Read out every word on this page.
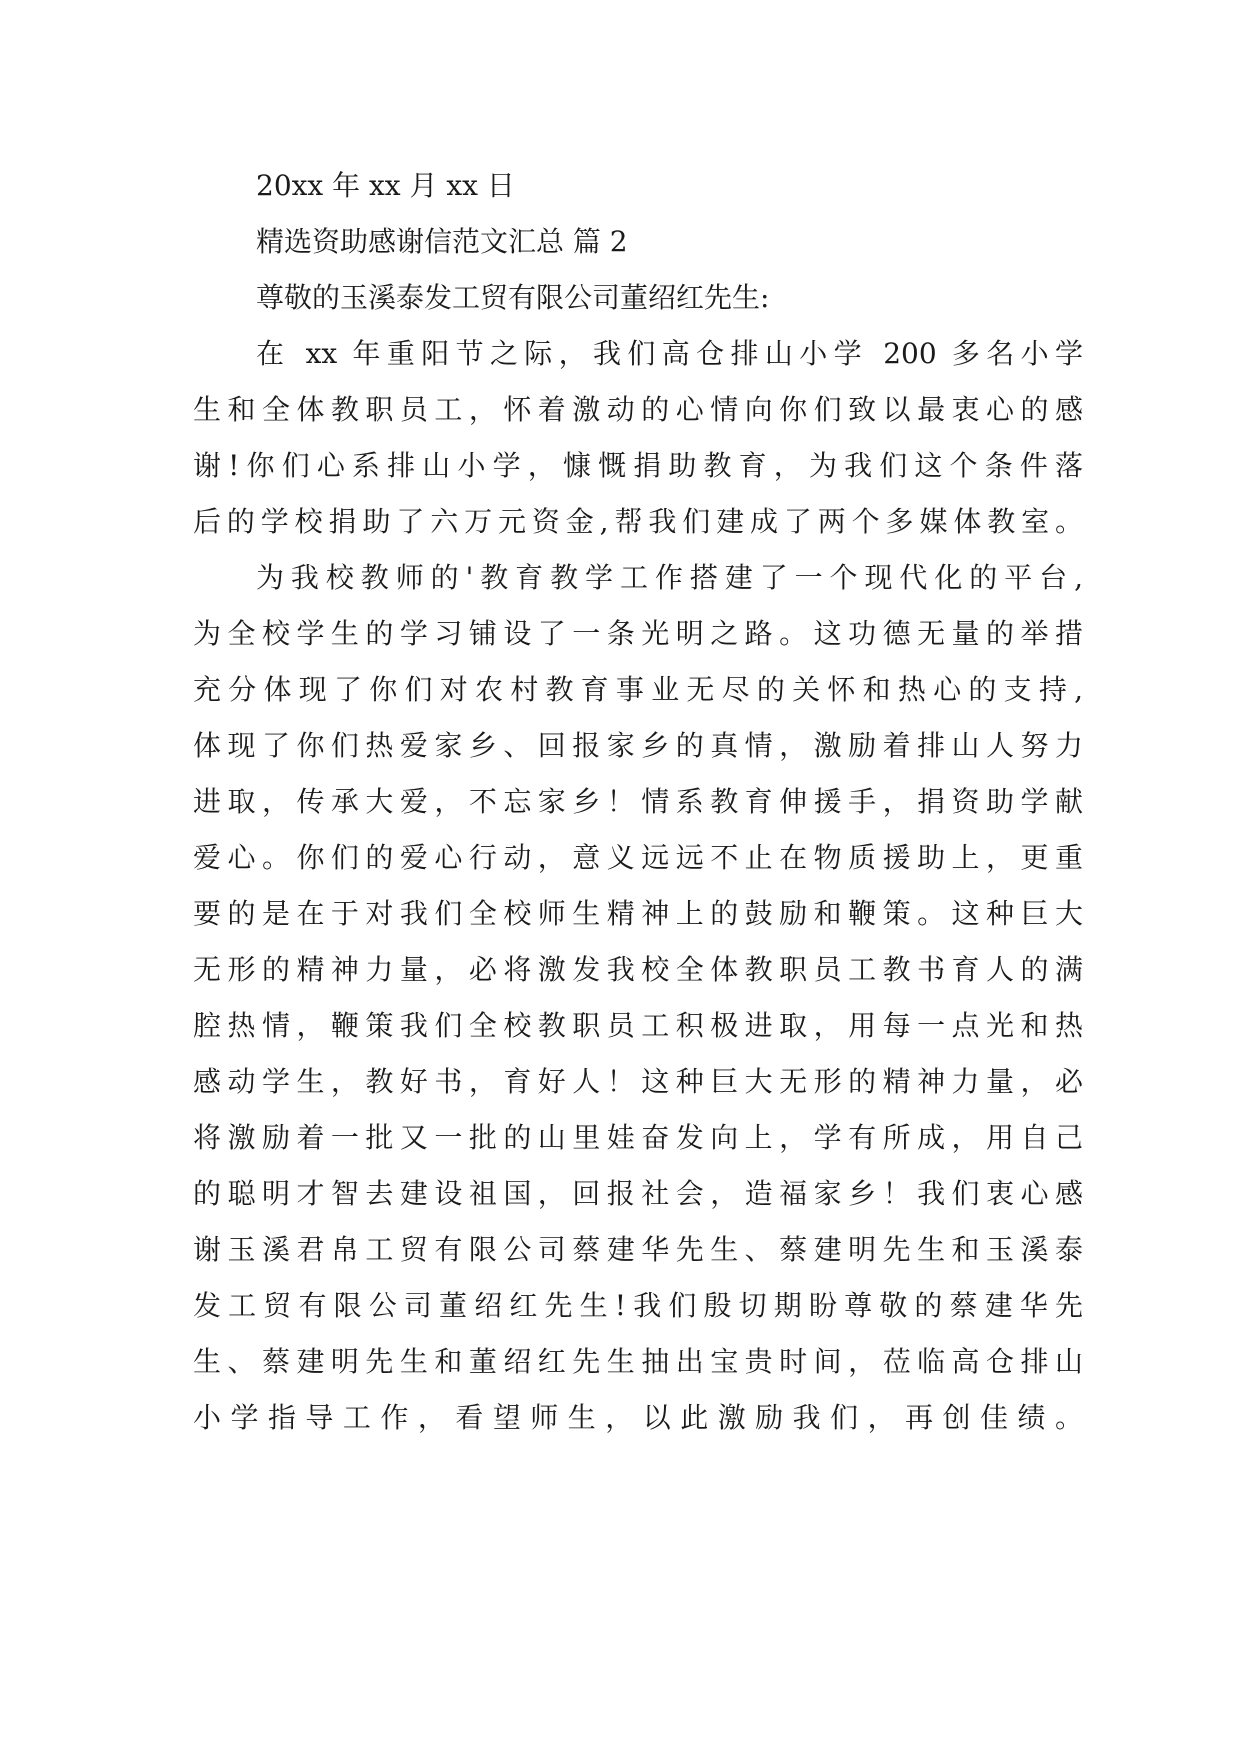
20xx 年 xx 月 xx 日
精选资助感谢信范文汇总 篇 2
尊敬的玉溪泰发工贸有限公司董绍红先生:
在 xx 年重阳节之际，我们高仓排山小学 200 多名小学
生和全体教职员工，怀着激动的心情向你们致以最衷心的感
谢!你们心系排山小学，慷慨捐助教育，为我们这个条件落
后的学校捐助了六万元资金,帮我们建成了两个多媒体教室。
为我校教师的'教育教学工作搭建了一个现代化的平台,
为全校学生的学习铺设了一条光明之路。这功德无量的举措
充分体现了你们对农村教育事业无尽的关怀和热心的支持,
体现了你们热爱家乡、回报家乡的真情，激励着排山人努力
进取，传承大爱，不忘家乡！情系教育伸援手，捐资助学献
爱心。你们的爱心行动，意义远远不止在物质援助上，更重
要的是在于对我们全校师生精神上的鼓励和鞭策。这种巨大
无形的精神力量，必将激发我校全体教职员工教书育人的满
腔热情，鞭策我们全校教职员工积极进取，用每一点光和热
感动学生，教好书，育好人！这种巨大无形的精神力量，必
将激励着一批又一批的山里娃奋发向上，学有所成，用自己
的聪明才智去建设祖国，回报社会，造福家乡！我们衷心感
谢玉溪君帛工贸有限公司蔡建华先生、蔡建明先生和玉溪泰
发工贸有限公司董绍红先生!我们殷切期盼尊敬的蔡建华先
生、蔡建明先生和董绍红先生抽出宝贵时间，莅临高仓排山
小学指导工作，看望师生，以此激励我们，再创佳绩。
